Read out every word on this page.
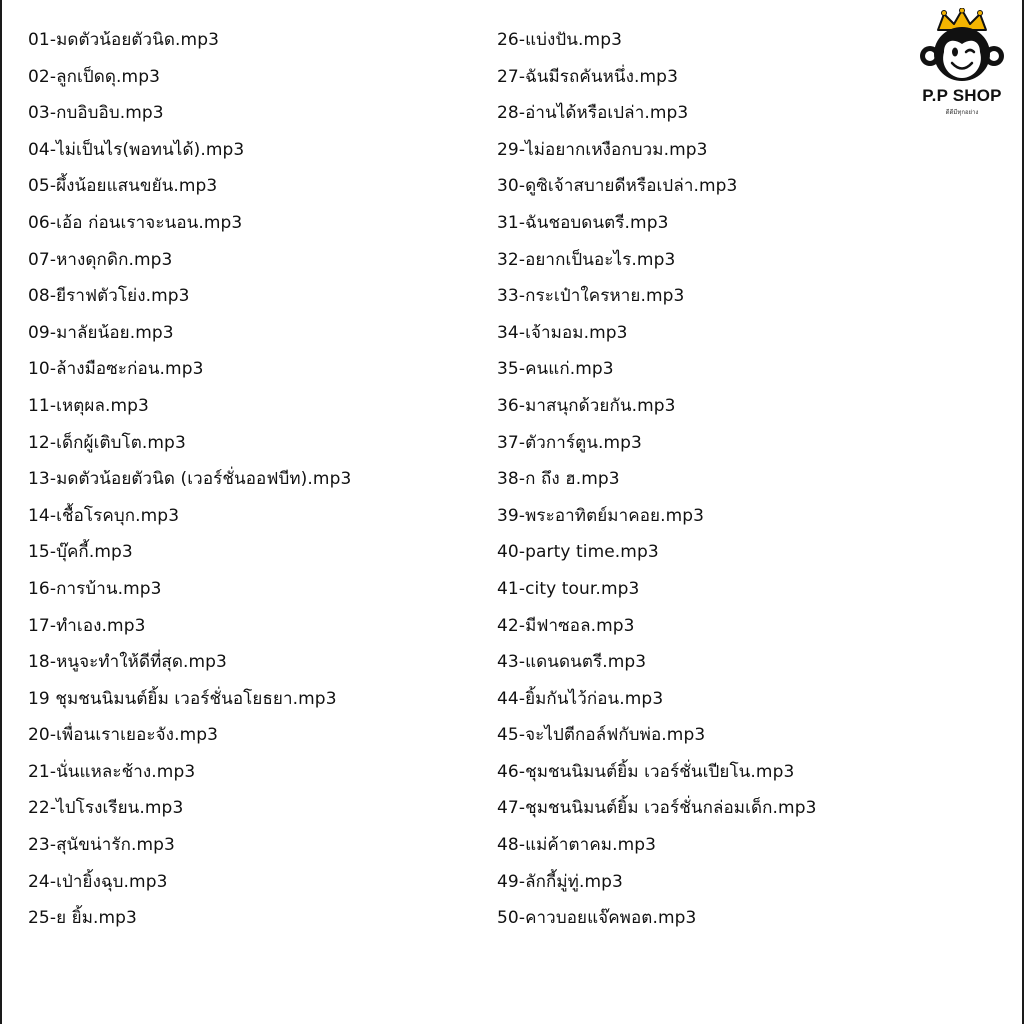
01-มดตัวน้อยตัวนิด.mp3
02-ลูกเป็ดดุ.mp3
03-กบอิบอิบ.mp3
04-ไม่เป็นไร(พอทนได้).mp3
05-ผึ้งน้อยแสนขยัน.mp3
06-เอ้อ ก่อนเราจะนอน.mp3
07-หางดุกดิก.mp3
08-ยีราฟตัวโย่ง.mp3
09-มาลัยน้อย.mp3
10-ล้างมือซะก่อน.mp3
11-เหตุผล.mp3
12-เด็กผู้เติบโต.mp3
13-มดตัวน้อยตัวนิด (เวอร์ชั่นออฟบีท).mp3
14-เชื้อโรคบุก.mp3
15-บุ๊คกี้.mp3
16-การบ้าน.mp3
17-ทำเอง.mp3
18-หนูจะทำให้ดีที่สุด.mp3
19 ชุมชนนิมนต์ยิ้ม เวอร์ชั่นอโยธยา.mp3
20-เพื่อนเราเยอะจัง.mp3
21-นั่นแหละช้าง.mp3
22-ไปโรงเรียน.mp3
23-สุนัขน่ารัก.mp3
24-เป่ายิ้งฉุบ.mp3
25-ย ยิ้ม.mp3
26-แบ่งปัน.mp3
27-ฉันมีรถคันหนึ่ง.mp3
28-อ่านได้หรือเปล่า.mp3
29-ไม่อยากเหงือกบวม.mp3
30-ดูซิเจ้าสบายดีหรือเปล่า.mp3
31-ฉันชอบดนตรี.mp3
32-อยากเป็นอะไร.mp3
33-กระเป๋าใครหาย.mp3
34-เจ้ามอม.mp3
35-คนแก่.mp3
36-มาสนุกด้วยกัน.mp3
37-ตัวการ์ตูน.mp3
38-ก ถึง ฮ.mp3
39-พระอาทิตย์มาคอย.mp3
40-party time.mp3
41-city tour.mp3
42-มีฟาซอล.mp3
43-แดนดนตรี.mp3
44-ยิ้มกันไว้ก่อน.mp3
45-จะไปตีกอล์ฟกับพ่อ.mp3
46-ชุมชนนิมนต์ยิ้ม เวอร์ชั่นเปียโน.mp3
47-ชุมชนนิมนต์ยิ้ม เวอร์ชั่นกล่อมเด็ก.mp3
48-แม่ค้าตาคม.mp3
49-ลักกี้มู่ทู่.mp3
50-คาวบอยแจ๊คพอต.mp3
P.P SHOP
ดีดีมีทุกอย่าง
